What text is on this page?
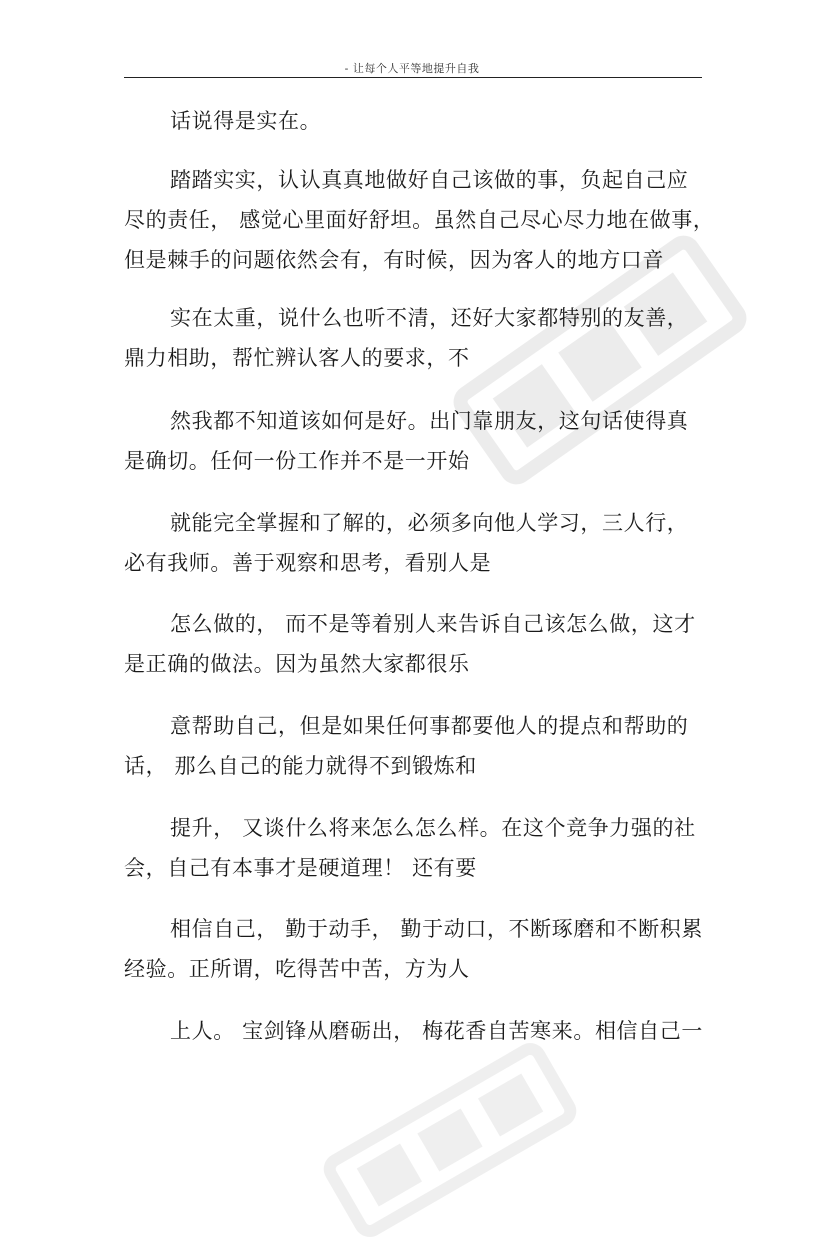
- 让每个人平等地提升自我
话说得是实在。
踏踏实实，认认真真地做好自己该做的事，负起自己应
尽的责任， 感觉心里面好舒坦。虽然自己尽心尽力地在做事，
但是棘手的问题依然会有，有时候，因为客人的地方口音
实在太重，说什么也听不清，还好大家都特别的友善，
鼎力相助，帮忙辨认客人的要求，不
然我都不知道该如何是好。出门靠朋友，这句话使得真
是确切。任何一份工作并不是一开始
就能完全掌握和了解的，必须多向他人学习，三人行，
必有我师。善于观察和思考，看别人是
怎么做的， 而不是等着别人来告诉自己该怎么做，这才
是正确的做法。因为虽然大家都很乐
意帮助自己，但是如果任何事都要他人的提点和帮助的
话， 那么自己的能力就得不到锻炼和
提升， 又谈什么将来怎么怎么样。在这个竞争力强的社
会，自己有本事才是硬道理！ 还有要
相信自己， 勤于动手， 勤于动口，不断琢磨和不断积累
经验。正所谓，吃得苦中苦，方为人
上人。 宝剑锋从磨砺出， 梅花香自苦寒来。相信自己一
